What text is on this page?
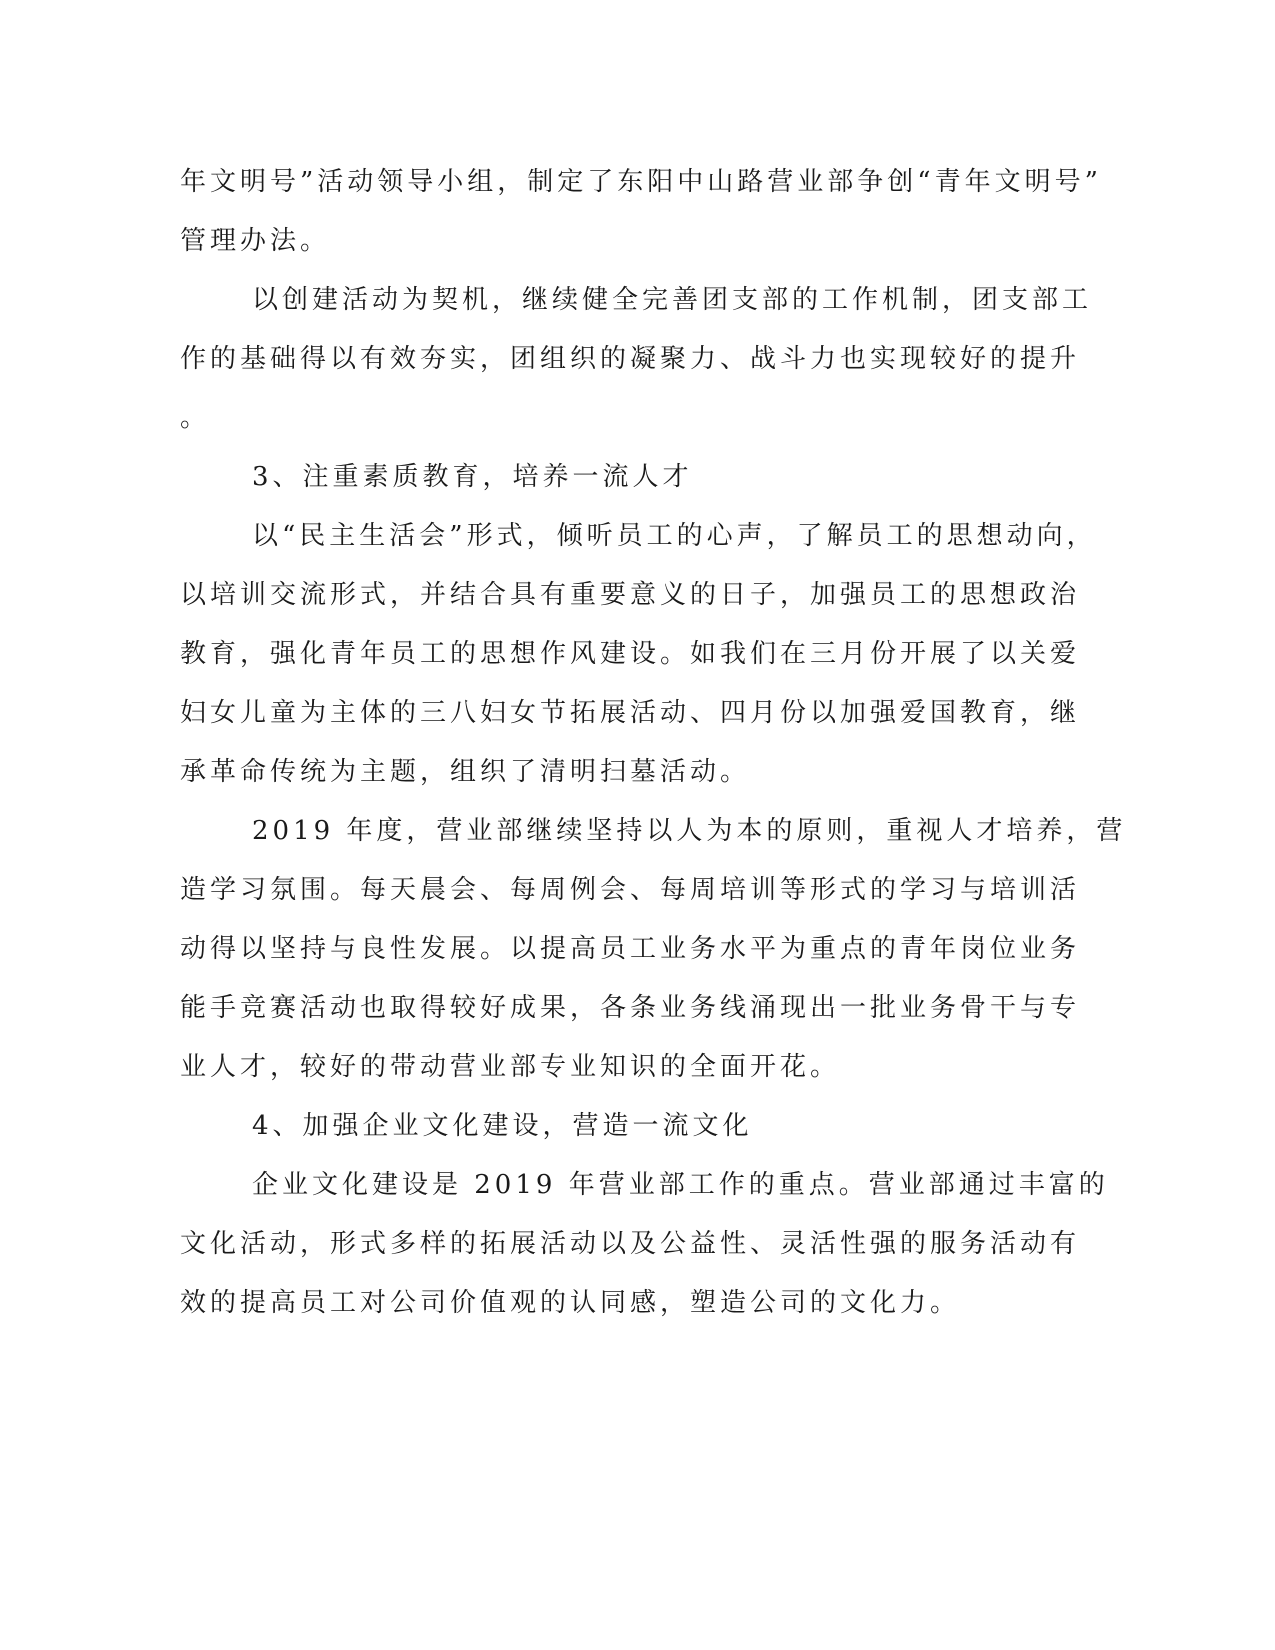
年文明号”活动领导小组，制定了东阳中山路营业部争创“青年文明号”
管理办法。
以创建活动为契机，继续健全完善团支部的工作机制，团支部工
作的基础得以有效夯实，团组织的凝聚力、战斗力也实现较好的提升
。
3、注重素质教育，培养一流人才
以“民主生活会”形式，倾听员工的心声，了解员工的思想动向，
以培训交流形式，并结合具有重要意义的日子，加强员工的思想政治
教育，强化青年员工的思想作风建设。如我们在三月份开展了以关爱
妇女儿童为主体的三八妇女节拓展活动、四月份以加强爱国教育，继
承革命传统为主题，组织了清明扫墓活动。
2019 年度，营业部继续坚持以人为本的原则，重视人才培养，营
造学习氛围。每天晨会、每周例会、每周培训等形式的学习与培训活
动得以坚持与良性发展。以提高员工业务水平为重点的青年岗位业务
能手竞赛活动也取得较好成果，各条业务线涌现出一批业务骨干与专
业人才，较好的带动营业部专业知识的全面开花。
4、加强企业文化建设，营造一流文化
企业文化建设是 2019 年营业部工作的重点。营业部通过丰富的
文化活动，形式多样的拓展活动以及公益性、灵活性强的服务活动有
效的提高员工对公司价值观的认同感，塑造公司的文化力。
